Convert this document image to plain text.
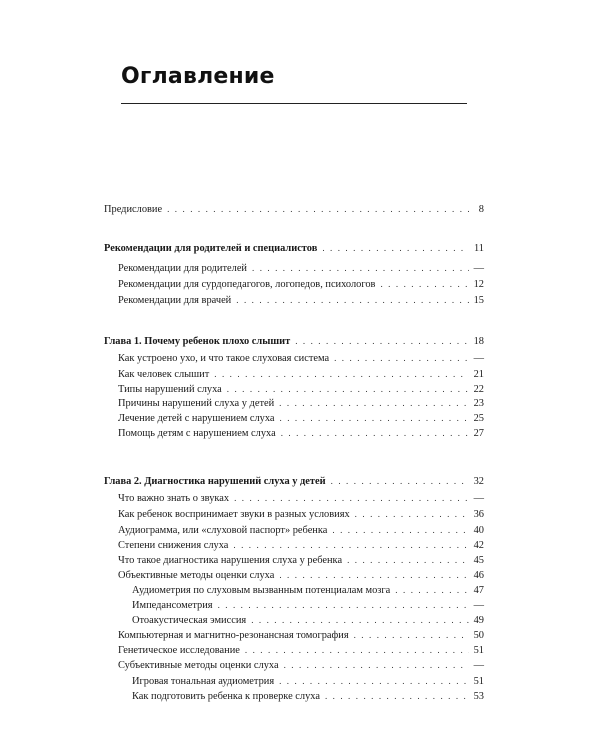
Оглавление
Предисловие . . .	8
Рекомендации для родителей и специалистов . . .	11
Рекомендации для родителей . . .	—
Рекомендации для сурдопедагогов, логопедов, психологов . . .	12
Рекомендации для врачей . . .	15
Глава 1. Почему ребенок плохо слышит . . .	18
Как устроено ухо, и что такое слуховая система . . .	—
Как человек слышит . . .	21
Типы нарушений слуха . . .	22
Причины нарушений слуха у детей . . .	23
Лечение детей с нарушением слуха . . .	25
Помощь детям с нарушением слуха . . .	27
Глава 2. Диагностика нарушений слуха у детей . . .	32
Что важно знать о звуках . . .	—
Как ребенок воспринимает звуки в разных условиях . . .	36
Аудиограмма, или «слуховой паспорт» ребенка . . .	40
Степени снижения слуха . . .	42
Что такое диагностика нарушения слуха у ребенка . . .	45
Объективные методы оценки слуха . . .	46
Аудиометрия по слуховым вызванным потенциалам мозга . . .	47
Импедансометрия . . .	—
Отоакустическая эмиссия . . .	49
Компьютерная и магнитно-резонансная томография . . .	50
Генетическое исследование . . .	51
Субъективные методы оценки слуха . . .	—
Игровая тональная аудиометрия . . .	51
Как подготовить ребенка к проверке слуха . . .	53
